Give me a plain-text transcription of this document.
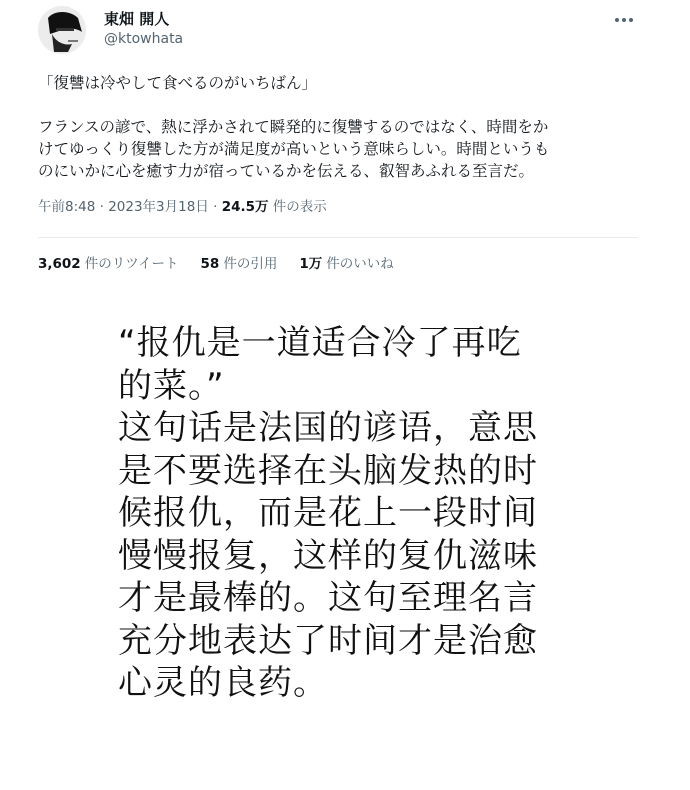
東畑 開人
@ktowhata
「復讐は冷やして食べるのがいちばん」
フランスの諺で、熱に浮かされて瞬発的に復讐するのではなく、時間をか
けてゆっくり復讐した方が満足度が高いという意味らしい。時間というも
のにいかに心を癒す力が宿っているかを伝える、叡智あふれる至言だ。
午前8:48 · 2023年3月18日 · 24.5万 件の表示
3,602 件のリツイート 58 件の引用 1万 件のいいね
“报仇是一道适合冷了再吃
的菜。”
这句话是法国的谚语，意思
是不要选择在头脑发热的时
候报仇，而是花上一段时间
慢慢报复，这样的复仇滋味
才是最棒的。这句至理名言
充分地表达了时间才是治愈
心灵的良药。
